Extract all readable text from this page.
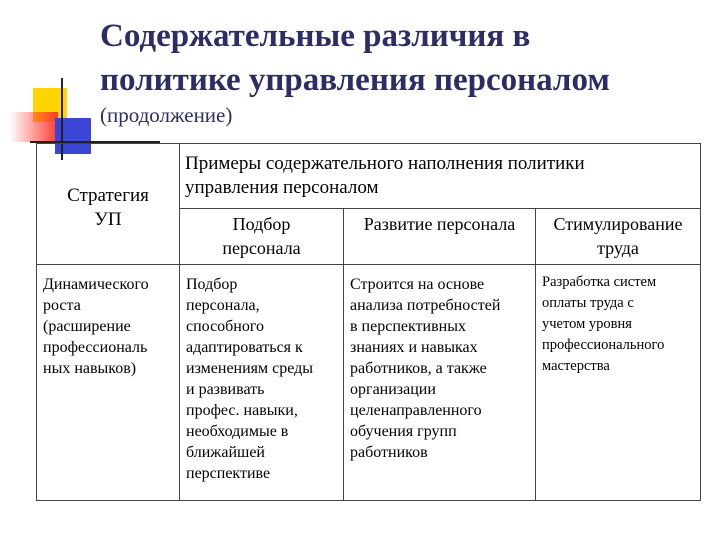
Содержательные различия в
политике управления персоналом
(продолжение)
Стратегия
УП
Примеры содержательного наполнения политики
управления персоналом
Подбор
персонала
Развитие персонала	Стимулирование
труда
Динамического
роста
(расширение
профессиональ
ных навыков)
Подбор
персонала,
способного
адаптироваться к
изменениям среды
и развивать
профес. навыки,
необходимые в
ближайшей
перспективе
Строится на основе
анализа потребностей
в перспективных
знаниях и навыках
работников, а также
организации
целенаправленного
обучения групп
работников
Разработка систем
оплаты труда с
учетом уровня
профессионального
мастерства
